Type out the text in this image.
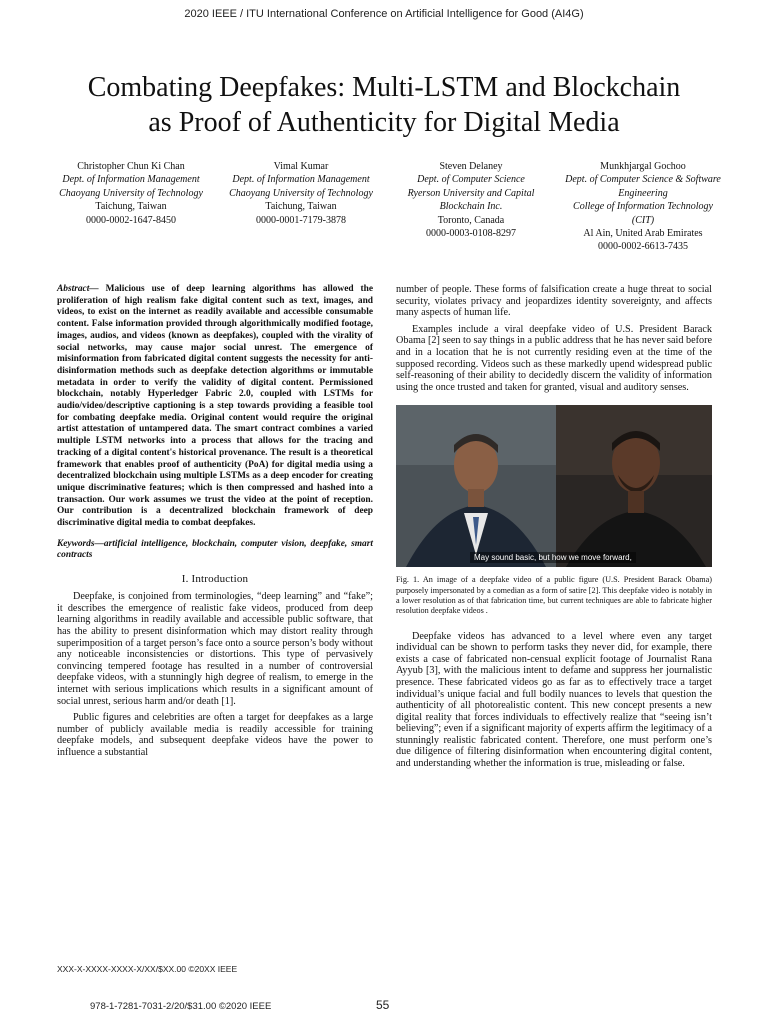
2020 IEEE / ITU International Conference on Artificial Intelligence for Good (AI4G)
Combating Deepfakes: Multi-LSTM and Blockchain
as Proof of Authenticity for Digital Media
Christopher Chun Ki Chan
Dept. of Information Management
Chaoyang University of Technology
Taichung, Taiwan
0000-0002-1647-8450
Vimal Kumar
Dept. of Information Management
Chaoyang University of Technology
Taichung, Taiwan
0000-0001-7179-3878
Steven Delaney
Dept. of Computer Science
Ryerson University and Capital Blockchain Inc.
Toronto, Canada
0000-0003-0108-8297
Munkhjargal Gochoo
Dept. of Computer Science & Software Engineering
College of Information Technology (CIT)
Al Ain, United Arab Emirates
0000-0002-6613-7435

Abstract— Malicious use of deep learning algorithms has allowed the proliferation of high realism fake digital content such as text, images, and videos, to exist on the internet as readily available and accessible consumable content. False information provided through algorithmically modified footage, images, audios, and videos (known as deepfakes), coupled with the virality of social networks, may cause major social unrest. The emergence of misinformation from fabricated digital content suggests the necessity for anti-disinformation methods such as deepfake detection algorithms or immutable metadata in order to verify the validity of digital content. Permissioned blockchain, notably Hyperledger Fabric 2.0, coupled with LSTMs for audio/video/descriptive captioning is a step towards providing a feasible tool for combating deepfake media. Original content would require the original artist attestation of untampered data. The smart contract combines a varied multiple LSTM networks into a process that allows for the tracing and tracking of a digital content's historical provenance. The result is a theoretical framework that enables proof of authenticity (PoA) for digital media using a decentralized blockchain using multiple LSTMs as a deep encoder for creating unique discriminative features; which is then compressed and hashed into a transaction. Our work assumes we trust the video at the point of reception. Our contribution is a decentralized blockchain framework of deep discriminative digital media to combat deepfakes.

Keywords—artificial intelligence, blockchain, computer vision, deepfake, smart contracts

I. Introduction

Deepfake, is conjoined from terminologies, “deep learning” and “fake”; it describes the emergence of realistic fake videos, produced from deep learning algorithms in readily available and accessible public software, that has the ability to present disinformation which may distort reality through superimposition of a target person’s face onto a source person’s body without any noticeable inconsistencies or distortions. This type of pervasively convincing tempered footage has resulted in a number of controversial deepfake videos, with a stunningly high degree of realism, to emerge in the internet with serious implications which results in a significant amount of social unrest, serious harm and/or death [1].

Public figures and celebrities are often a target for deepfakes as a large number of publicly available media is readily accessible for training deepfake models, and subsequent deepfake videos have the power to influence a substantial

number of people. These forms of falsification create a huge threat to social security, violates privacy and jeopardizes identity sovereignty, and affects many aspects of human life.

Examples include a viral deepfake video of U.S. President Barack Obama [2] seen to say things in a public address that he has never said before and in a location that he is not currently residing even at the time of the supposed recording. Videos such as these markedly upend widespread public self-reasoning of their ability to decidedly discern the validity of information using the once trusted and taken for granted, visual and auditory senses.

May sound basic, but how we move forward,

Fig. 1. An image of a deepfake video of a public figure (U.S. President Barack Obama) purposely impersonated by a comedian as a form of satire [2]. This deepfake video is notably in a lower resolution as of that fabrication time, but current techniques are able to fabricate higher resolution deepfake videos .

Deepfake videos has advanced to a level where even any target individual can be shown to perform tasks they never did, for example, there exists a case of fabricated non-censual explicit footage of Journalist Rana Ayyub [3], with the malicious intent to defame and suppress her journalistic presence. These fabricated videos go as far as to effectively trace a target individual’s unique facial and full bodily nuances to levels that question the authenticity of all photorealistic content. This new concept presents a new digital reality that forces individuals to effectively realize that “seeing isn’t believing”; even if a significant majority of experts affirm the legitimacy of a stunningly realistic fabricated content. Therefore, one must perform one’s due diligence of filtering disinformation when encountering digital content, and understanding whether the information is true, misleading or false.

XXX-X-XXXX-XXXX-X/XX/$XX.00 ©20XX IEEE
978-1-7281-7031-2/20/$31.00 ©2020 IEEE	55
